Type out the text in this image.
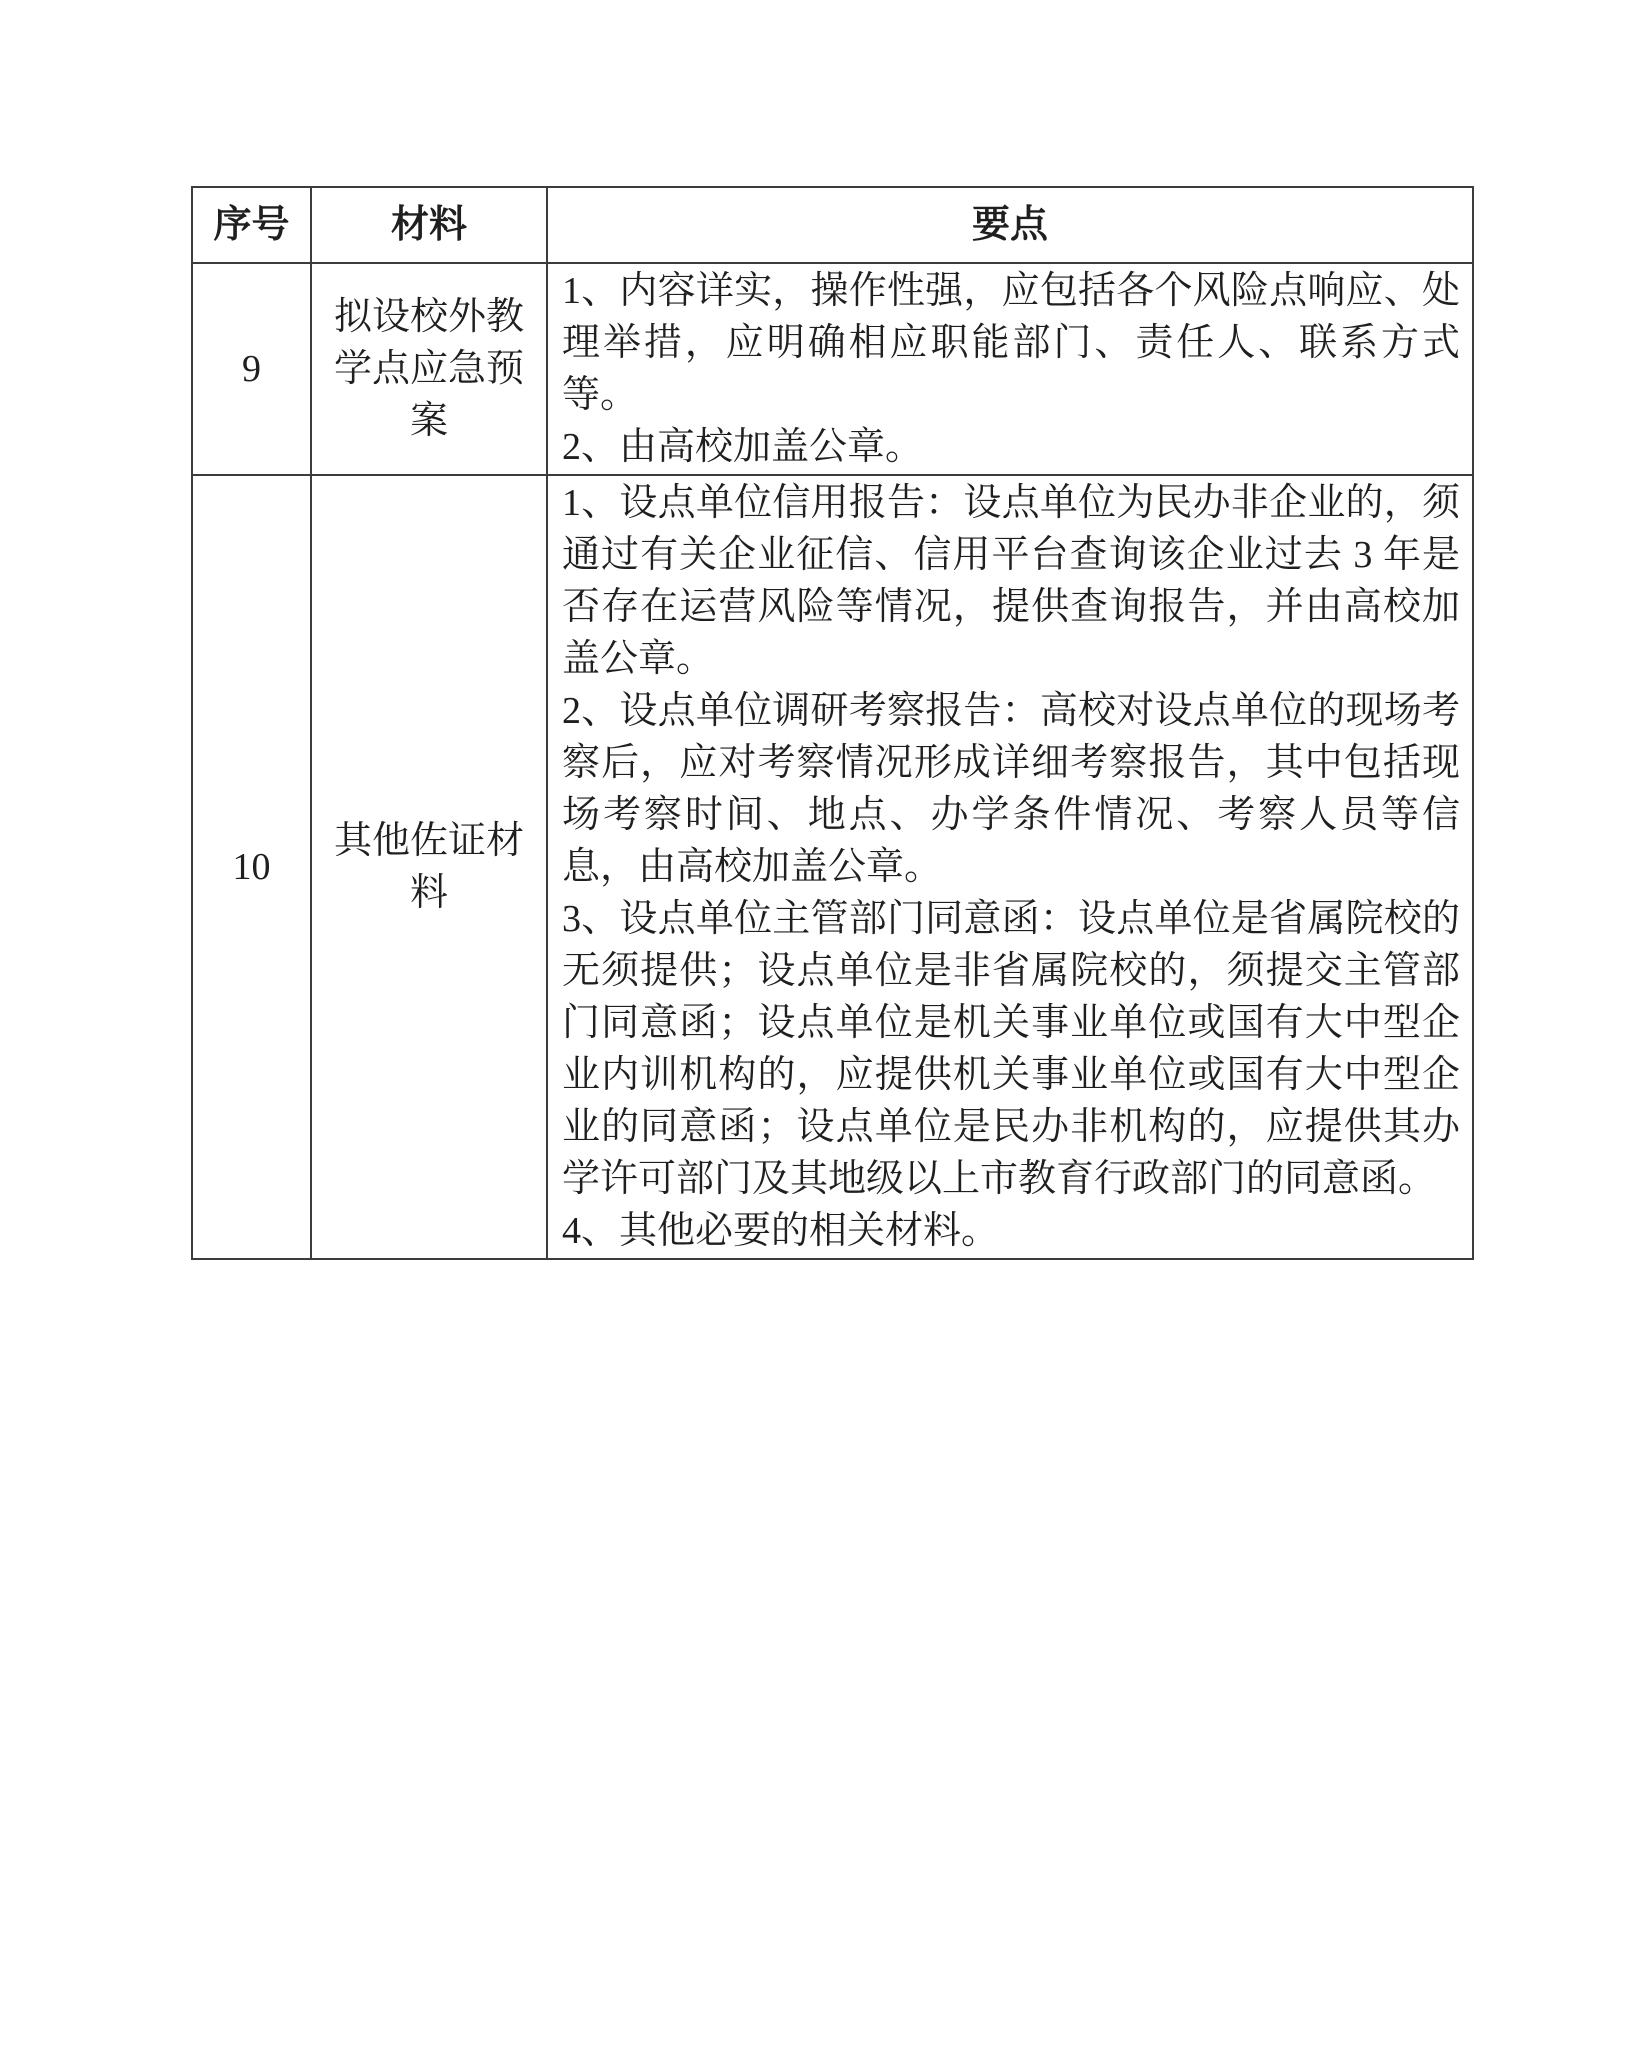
序号	材料	要点
9	拟设校外教学点应急预案	1、内容详实，操作性强，应包括各个风险点响应、处理举措，应明确相应职能部门、责任人、联系方式等。
2、由高校加盖公章。

10	其他佐证材料	1、设点单位信用报告：设点单位为民办非企业的，须通过有关企业征信、信用平台查询该企业过去 3 年是否存在运营风险等情况，提供查询报告，并由高校加盖公章。
2、设点单位调研考察报告：高校对设点单位的现场考察后，应对考察情况形成详细考察报告，其中包括现场考察时间、地点、办学条件情况、考察人员等信息，由高校加盖公章。
3、设点单位主管部门同意函：设点单位是省属院校的无须提供；设点单位是非省属院校的，须提交主管部门同意函；设点单位是机关事业单位或国有大中型企业内训机构的，应提供机关事业单位或国有大中型企业的同意函；设点单位是民办非机构的，应提供其办学许可部门及其地级以上市教育行政部门的同意函。
4、其他必要的相关材料。
